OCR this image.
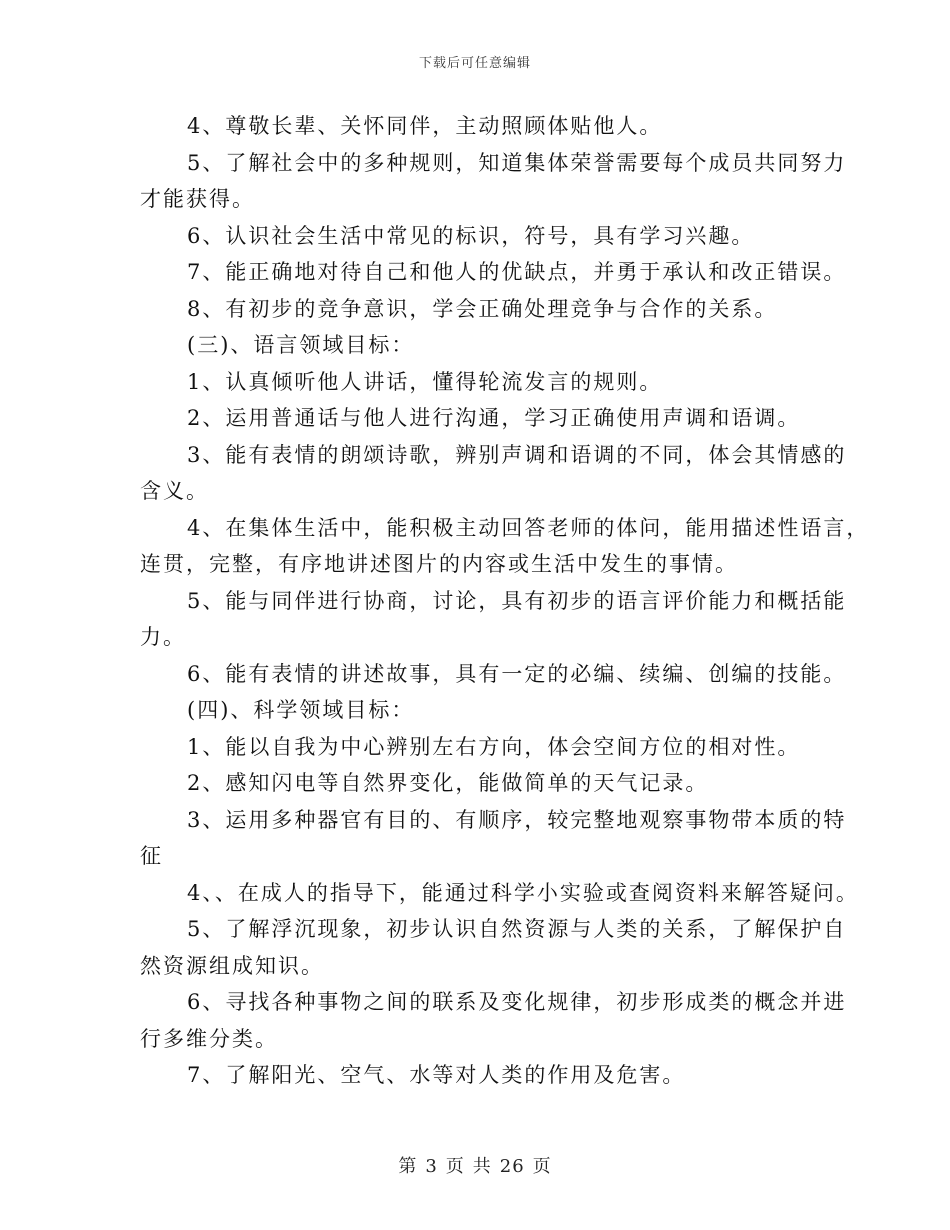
下载后可任意编辑
4、尊敬长辈、关怀同伴，主动照顾体贴他人。
5、了解社会中的多种规则，知道集体荣誉需要每个成员共同努力
才能获得。
6、认识社会生活中常见的标识，符号，具有学习兴趣。
7、能正确地对待自己和他人的优缺点，并勇于承认和改正错误。
8、有初步的竞争意识，学会正确处理竞争与合作的关系。
(三)、语言领域目标：
1、认真倾听他人讲话，懂得轮流发言的规则。
2、运用普通话与他人进行沟通，学习正确使用声调和语调。
3、能有表情的朗颂诗歌，辨别声调和语调的不同，体会其情感的
含义。
4、在集体生活中，能积极主动回答老师的体问，能用描述性语言，
连贯，完整，有序地讲述图片的内容或生活中发生的事情。
5、能与同伴进行协商，讨论，具有初步的语言评价能力和概括能
力。
6、能有表情的讲述故事，具有一定的必编、续编、创编的技能。
(四)、科学领域目标：
1、能以自我为中心辨别左右方向，体会空间方位的相对性。
2、感知闪电等自然界变化，能做简单的天气记录。
3、运用多种器官有目的、有顺序，较完整地观察事物带本质的特
征
4、、在成人的指导下，能通过科学小实验或查阅资料来解答疑问。
5、了解浮沉现象，初步认识自然资源与人类的关系，了解保护自
然资源组成知识。
6、寻找各种事物之间的联系及变化规律，初步形成类的概念并进
行多维分类。
7、了解阳光、空气、水等对人类的作用及危害。
第 3 页 共 26 页
